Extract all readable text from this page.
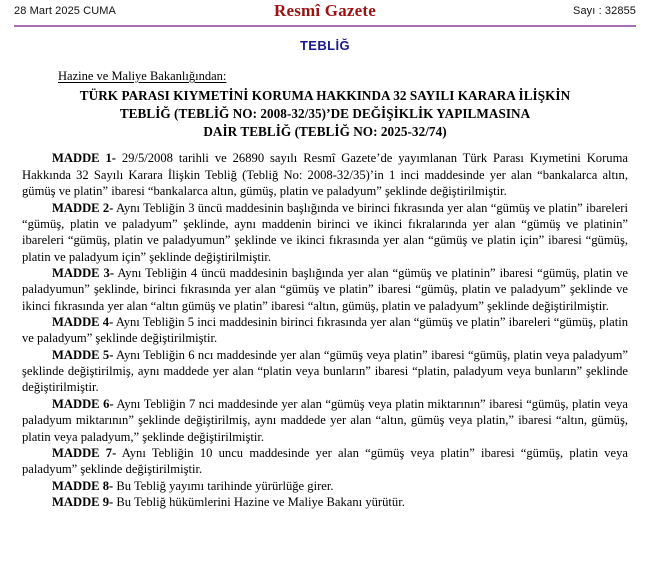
28 Mart 2025 CUMA	Resmî Gazete	Sayı : 32855
TEBLİĞ
Hazine ve Maliye Bakanlığından:
TÜRK PARASI KIYMETİNİ KORUMA HAKKINDA 32 SAYILI KARARA İLİŞKİN
TEBLİĞ (TEBLİĞ NO: 2008-32/35)’DE DEĞİŞİKLİK YAPILMASINA
DAİR TEBLİĞ (TEBLİĞ NO: 2025-32/74)

MADDE 1- 29/5/2008 tarihli ve 26890 sayılı Resmî Gazete’de yayımlanan Türk Parası Kıymetini Koruma Hakkında 32 Sayılı Karara İlişkin Tebliğ (Tebliğ No: 2008-32/35)’in 1 inci maddesinde yer alan “bankalarca altın, gümüş ve platin” ibaresi “bankalarca altın, gümüş, platin ve paladyum” şeklinde değiştirilmiştir.

MADDE 2- Aynı Tebliğin 3 üncü maddesinin başlığında ve birinci fıkrasında yer alan “gümüş ve platin” ibareleri “gümüş, platin ve paladyum” şeklinde, aynı maddenin birinci ve ikinci fıkralarında yer alan “gümüş ve platinin” ibareleri “gümüş, platin ve paladyumun” şeklinde ve ikinci fıkrasında yer alan “gümüş ve platin için” ibaresi “gümüş, platin ve paladyum için” şeklinde değiştirilmiştir.

MADDE 3- Aynı Tebliğin 4 üncü maddesinin başlığında yer alan “gümüş ve platinin” ibaresi “gümüş, platin ve paladyumun” şeklinde, birinci fıkrasında yer alan “gümüş ve platin” ibaresi “gümüş, platin ve paladyum” şeklinde ve ikinci fıkrasında yer alan “altın gümüş ve platin” ibaresi “altın, gümüş, platin ve paladyum” şeklinde değiştirilmiştir.

MADDE 4- Aynı Tebliğin 5 inci maddesinin birinci fıkrasında yer alan “gümüş ve platin” ibareleri “gümüş, platin ve paladyum” şeklinde değiştirilmiştir.

MADDE 5- Aynı Tebliğin 6 ncı maddesinde yer alan “gümüş veya platin” ibaresi “gümüş, platin veya paladyum” şeklinde değiştirilmiş, aynı maddede yer alan “platin veya bunların” ibaresi “platin, paladyum veya bunların” şeklinde değiştirilmiştir.

MADDE 6- Aynı Tebliğin 7 nci maddesinde yer alan “gümüş veya platin miktarının” ibaresi “gümüş, platin veya paladyum miktarının” şeklinde değiştirilmiş, aynı maddede yer alan “altın, gümüş veya platin,” ibaresi “altın, gümüş, platin veya paladyum,” şeklinde değiştirilmiştir.

MADDE 7- Aynı Tebliğin 10 uncu maddesinde yer alan “gümüş veya platin” ibaresi “gümüş, platin veya paladyum” şeklinde değiştirilmiştir.

MADDE 8- Bu Tebliğ yayımı tarihinde yürürlüğe girer.

MADDE 9- Bu Tebliğ hükümlerini Hazine ve Maliye Bakanı yürütür.
